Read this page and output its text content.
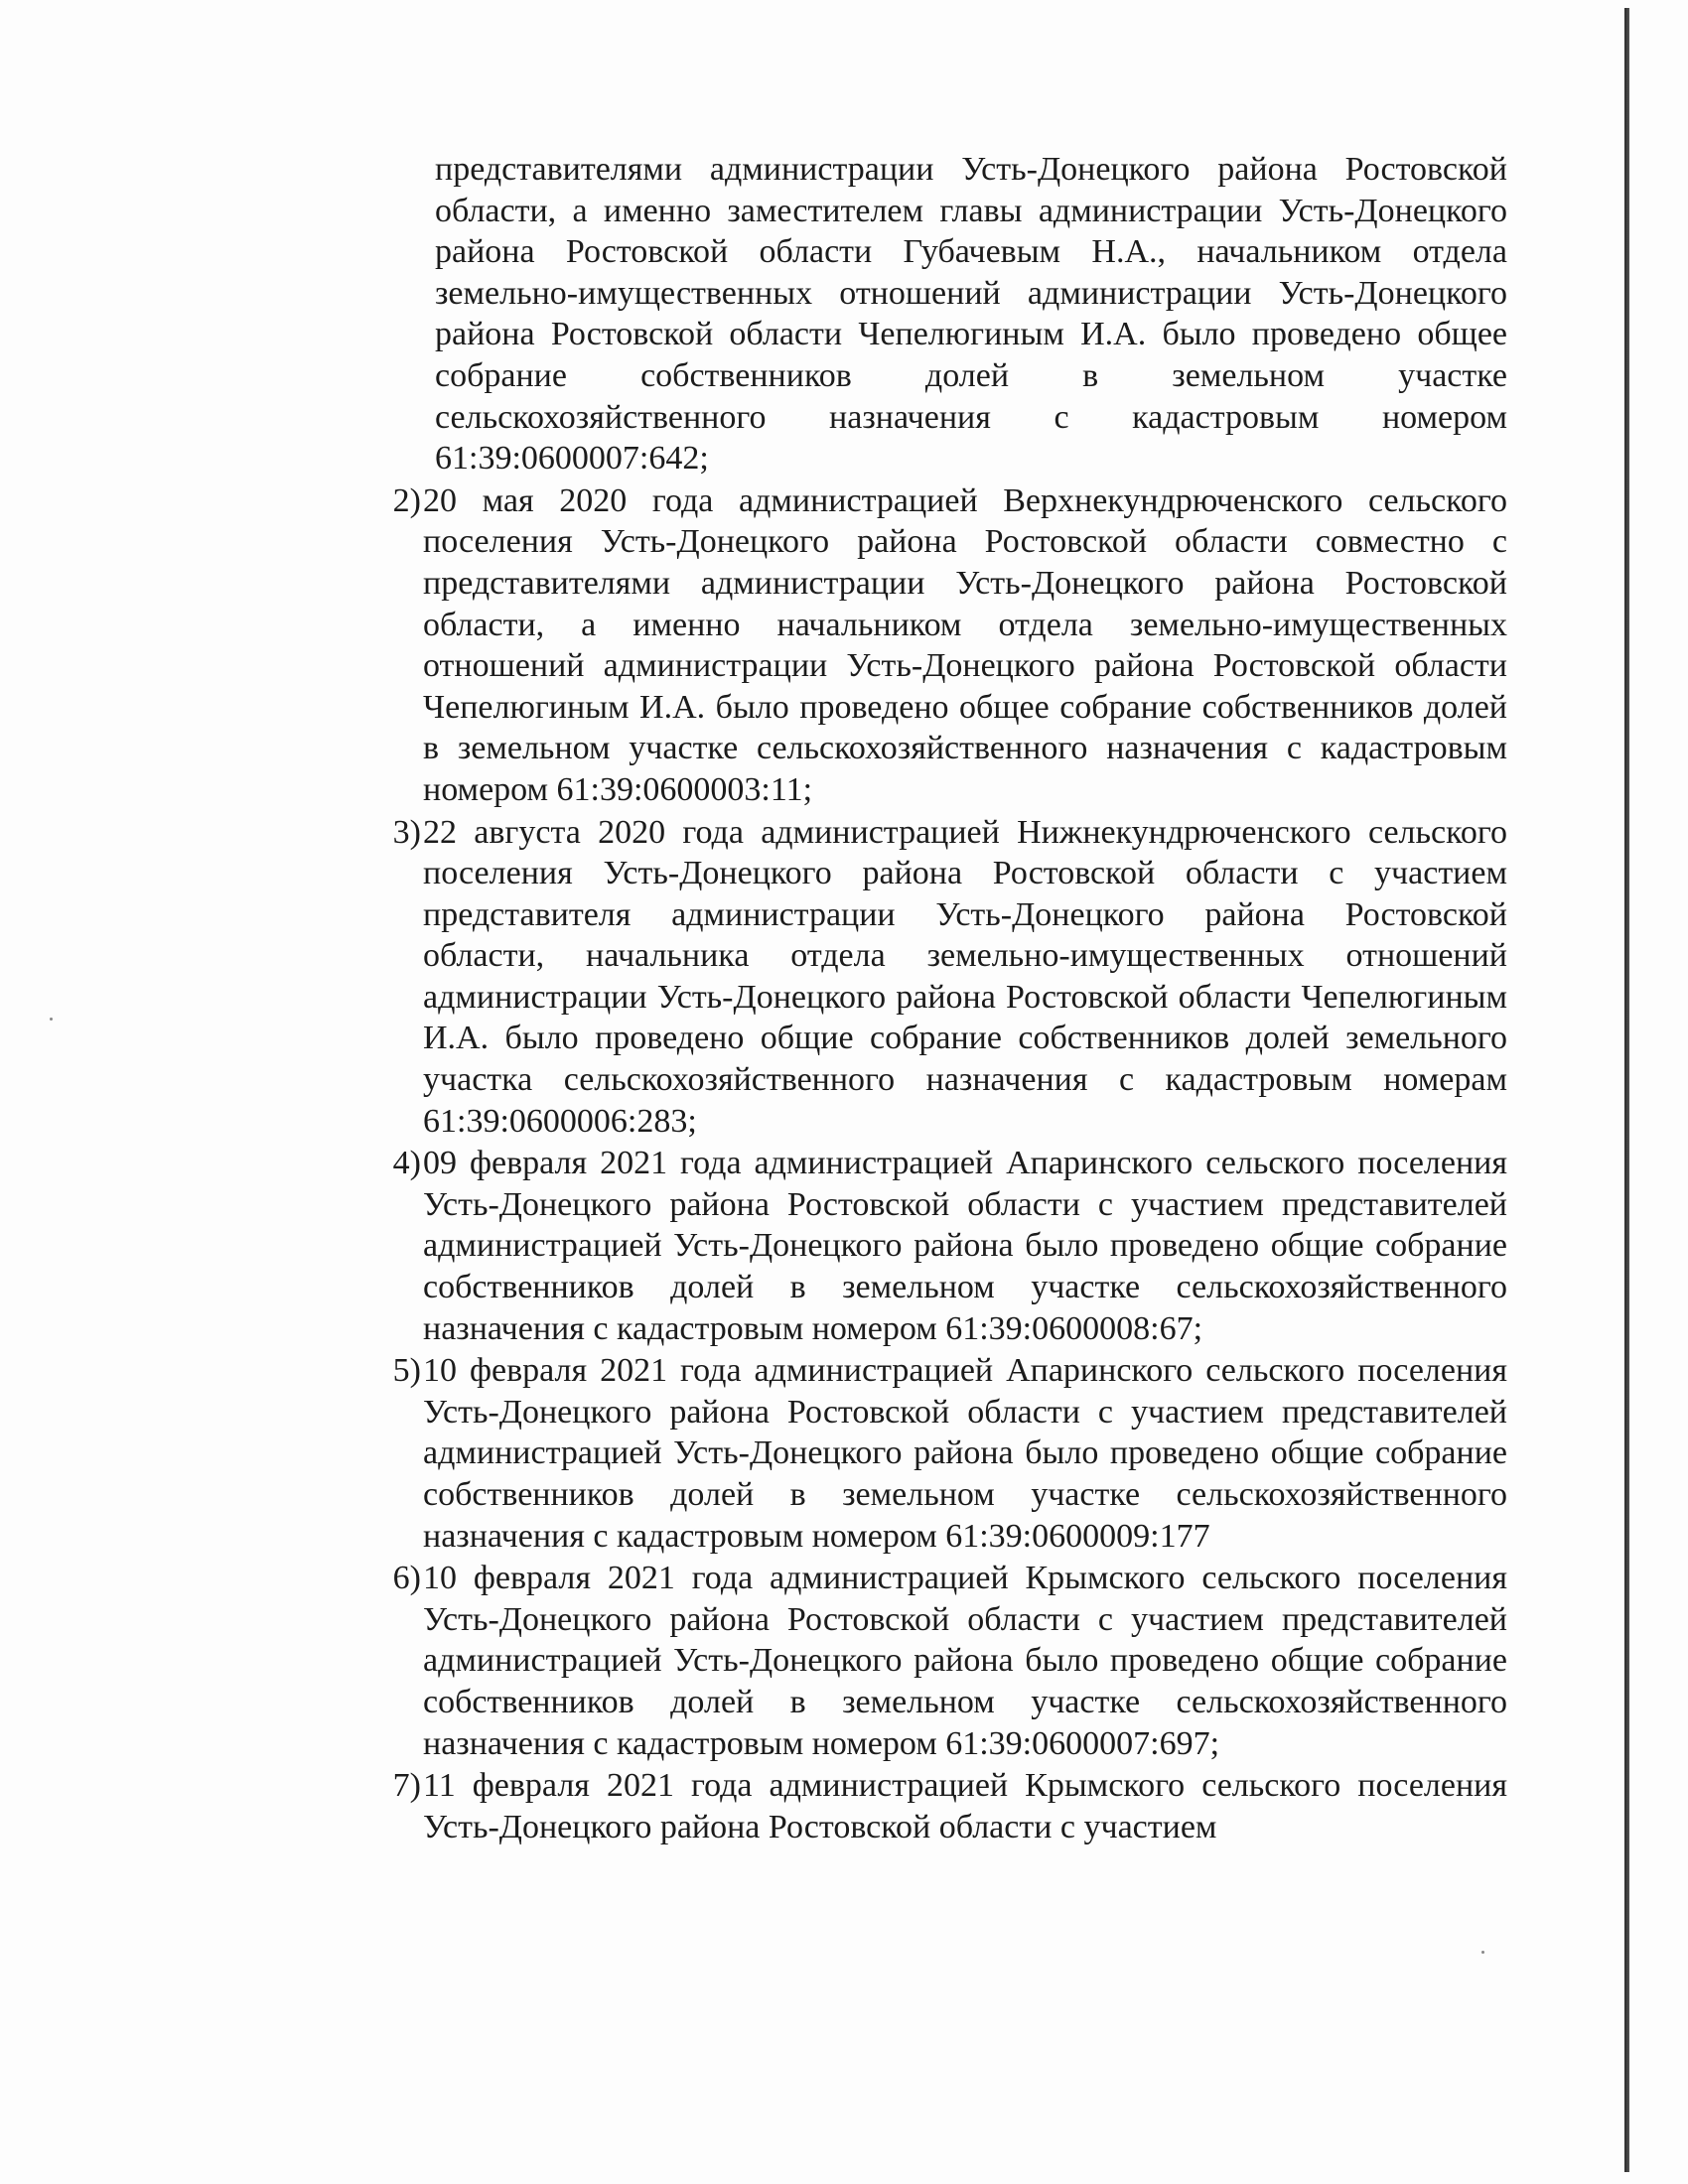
представителями администрации Усть-Донецкого района Ростовской области, а именно заместителем главы администрации Усть-Донецкого района Ростовской области Губачевым Н.А., начальником отдела земельно-имущественных отношений администрации Усть-Донецкого района Ростовской области Чепелюгиным И.А. было проведено общее собрание собственников долей в земельном участке сельскохозяйственного назначения с кадастровым номером 61:39:0600007:642;
2) 20 мая 2020 года администрацией Верхнекундрюченского сельского поселения Усть-Донецкого района Ростовской области совместно с представителями администрации Усть-Донецкого района Ростовской области, а именно начальником отдела земельно-имущественных отношений администрации Усть-Донецкого района Ростовской области Чепелюгиным И.А. было проведено общее собрание собственников долей в земельном участке сельскохозяйственного назначения с кадастровым номером 61:39:0600003:11;
3) 22 августа 2020 года администрацией Нижнекундрюченского сельского поселения Усть-Донецкого района Ростовской области с участием представителя администрации Усть-Донецкого района Ростовской области, начальника отдела земельно-имущественных отношений администрации Усть-Донецкого района Ростовской области Чепелюгиным И.А. было проведено общие собрание собственников долей земельного участка сельскохозяйственного назначения с кадастровым номерам 61:39:0600006:283;
4) 09 февраля 2021 года администрацией Апаринского сельского поселения Усть-Донецкого района Ростовской области с участием представителей администрацией Усть-Донецкого района было проведено общие собрание собственников долей в земельном участке сельскохозяйственного назначения с кадастровым номером 61:39:0600008:67;
5) 10 февраля 2021 года администрацией Апаринского сельского поселения Усть-Донецкого района Ростовской области с участием представителей администрацией Усть-Донецкого района было проведено общие собрание собственников долей в земельном участке сельскохозяйственного назначения с кадастровым номером 61:39:0600009:177
6) 10 февраля 2021 года администрацией Крымского сельского поселения Усть-Донецкого района Ростовской области с участием представителей администрацией Усть-Донецкого района было проведено общие собрание собственников долей в земельном участке сельскохозяйственного назначения с кадастровым номером 61:39:0600007:697;
7) 11 февраля 2021 года администрацией Крымского сельского поселения Усть-Донецкого района Ростовской области с участием
